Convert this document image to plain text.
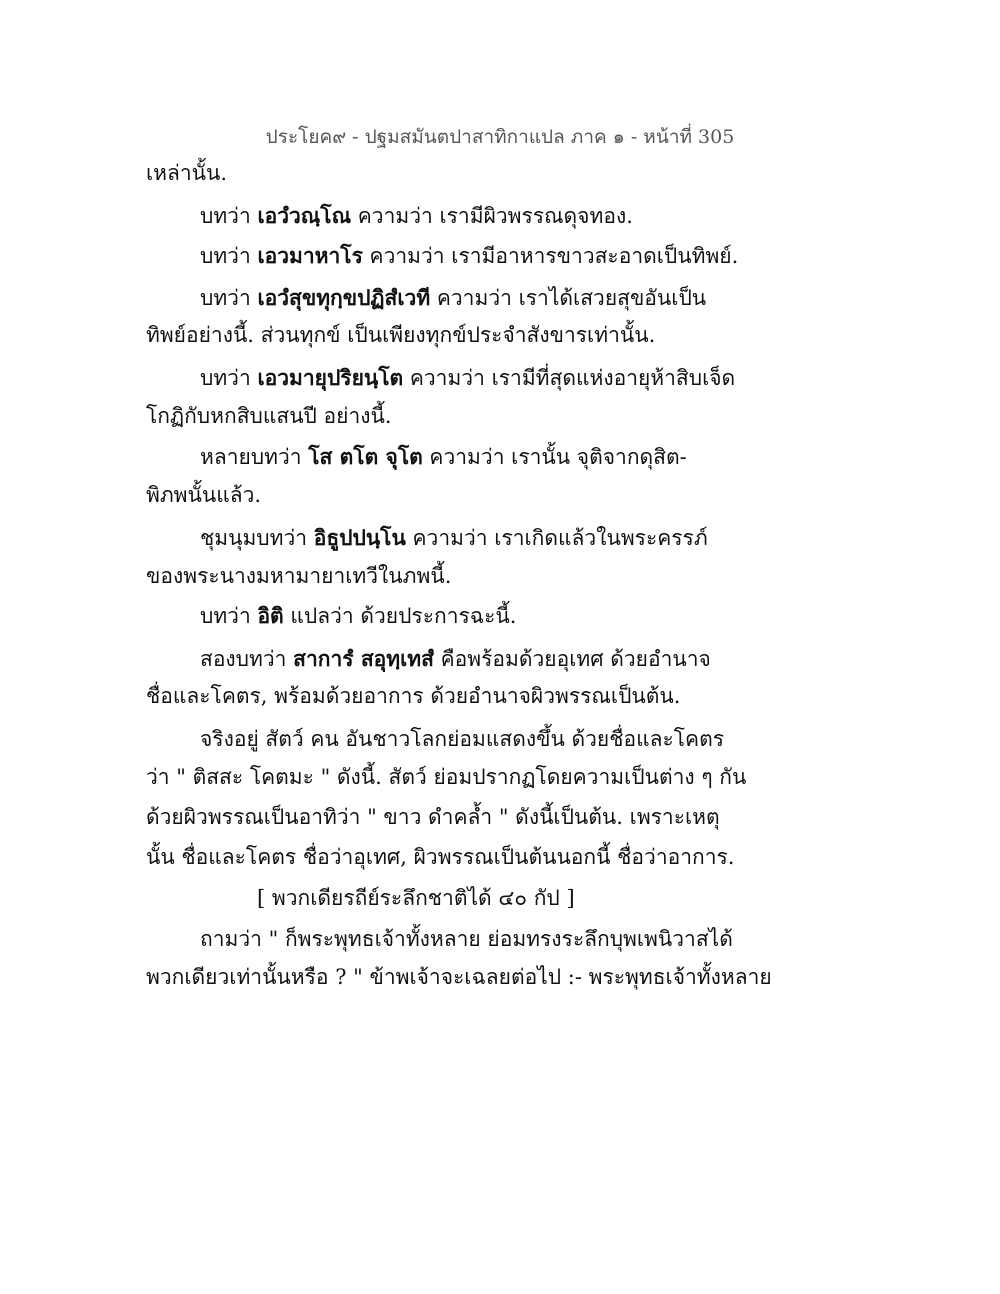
ประโยค๙ - ปฐมสมันตปาสาทิกาแปล ภาค ๑ - หน้าที่ 305
เหล่านั้น.
บทว่า เอวํวณฺโณ ความว่า เรามีผิวพรรณดุจทอง.
บทว่า เอวมาหาโร ความว่า เรามีอาหารขาวสะอาดเป็นทิพย์.
บทว่า เอวํสุขทุกฺขปฏิสํเวที ความว่า เราได้เสวยสุขอันเป็น
ทิพย์อย่างนี้. ส่วนทุกข์ เป็นเพียงทุกข์ประจำสังขารเท่านั้น.
บทว่า เอวมายุปริยนฺโต ความว่า เรามีที่สุดแห่งอายุห้าสิบเจ็ด
โกฏิกับหกสิบแสนปี อย่างนี้.
หลายบทว่า โส ตโต จุโต ความว่า เรานั้น จุติจากดุสิต-
พิภพนั้นแล้ว.
ชุมนุมบทว่า อิธูปปนฺโน ความว่า เราเกิดแล้วในพระครรภ์
ของพระนางมหามายาเทวีในภพนี้.
บทว่า อิติ แปลว่า ด้วยประการฉะนี้.
สองบทว่า สาการํ สอุทฺเทสํ คือพร้อมด้วยอุเทศ ด้วยอำนาจ
ชื่อและโคตร, พร้อมด้วยอาการ ด้วยอำนาจผิวพรรณเป็นต้น.
จริงอยู่ สัตว์ คน อันชาวโลกย่อมแสดงขึ้น ด้วยชื่อและโคตร
ว่า " ติสสะ โคตมะ " ดังนี้. สัตว์ ย่อมปรากฏโดยความเป็นต่าง ๆ กัน
ด้วยผิวพรรณเป็นอาทิว่า " ขาว ดำคล้ำ " ดังนี้เป็นต้น. เพราะเหตุ
นั้น ชื่อและโคตร ชื่อว่าอุเทศ, ผิวพรรณเป็นต้นนอกนี้ ชื่อว่าอาการ.
[ พวกเดียรถีย์ระลึกชาติได้ ๔๐ กัป ]
ถามว่า " ก็พระพุทธเจ้าทั้งหลาย ย่อมทรงระลึกบุพเพนิวาสได้
พวกเดียวเท่านั้นหรือ ? " ข้าพเจ้าจะเฉลยต่อไป :- พระพุทธเจ้าทั้งหลาย
